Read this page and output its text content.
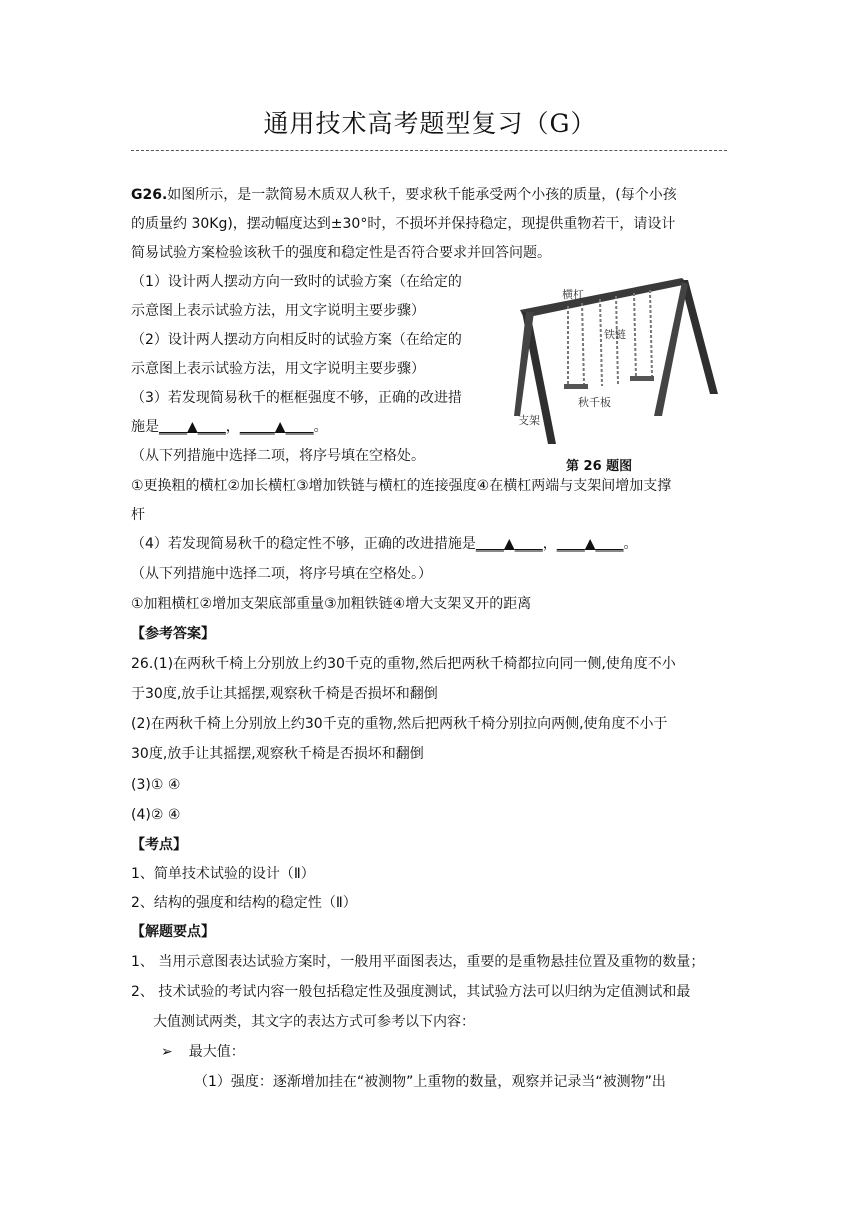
通用技术高考题型复习（G）
G26.如图所示，是一款简易木质双人秋千，要求秋千能承受两个小孩的质量，(每个小孩
的质量约 30Kg)，摆动幅度达到±30°时，不损坏并保持稳定，现提供重物若干，请设计
简易试验方案检验该秋千的强度和稳定性是否符合要求并回答问题。
（1）设计两人摆动方向一致时的试验方案（在给定的
示意图上表示试验方法，用文字说明主要步骤）
（2）设计两人摆动方向相反时的试验方案（在给定的
示意图上表示试验方法，用文字说明主要步骤）
（3）若发现简易秋千的框框强度不够，正确的改进措
施是____▲____，_____▲____。
（从下列措施中选择二项，将序号填在空格处。
①更换粗的横杠②加长横杠③增加铁链与横杠的连接强度④在横杠两端与支架间增加支撑
杆
（4）若发现简易秋千的稳定性不够，正确的改进措施是____▲____，____▲____。
（从下列措施中选择二项，将序号填在空格处。）
①加粗横杠②增加支架底部重量③加粗铁链④增大支架叉开的距离
横杠
铁链
秋千板
支架
第 26 题图
【参考答案】
26.(1)在两秋千椅上分别放上约30千克的重物,然后把两秋千椅都拉向同一侧,使角度不小
于30度,放手让其摇摆,观察秋千椅是否损坏和翻倒
(2)在两秋千椅上分别放上约30千克的重物,然后把两秋千椅分别拉向两侧,使角度不小于
30度,放手让其摇摆,观察秋千椅是否损坏和翻倒
(3)① ④
(4)② ④
【考点】
1、简单技术试验的设计（Ⅱ）
2、结构的强度和结构的稳定性（Ⅱ）
【解题要点】
1、 当用示意图表达试验方案时，一般用平面图表达，重要的是重物悬挂位置及重物的数量；
2、 技术试验的考试内容一般包括稳定性及强度测试，其试验方法可以归纳为定值测试和最
大值测试两类，其文字的表达方式可参考以下内容：
➢ 最大值：
（1）强度：逐渐增加挂在“被测物”上重物的数量，观察并记录当“被测物”出
